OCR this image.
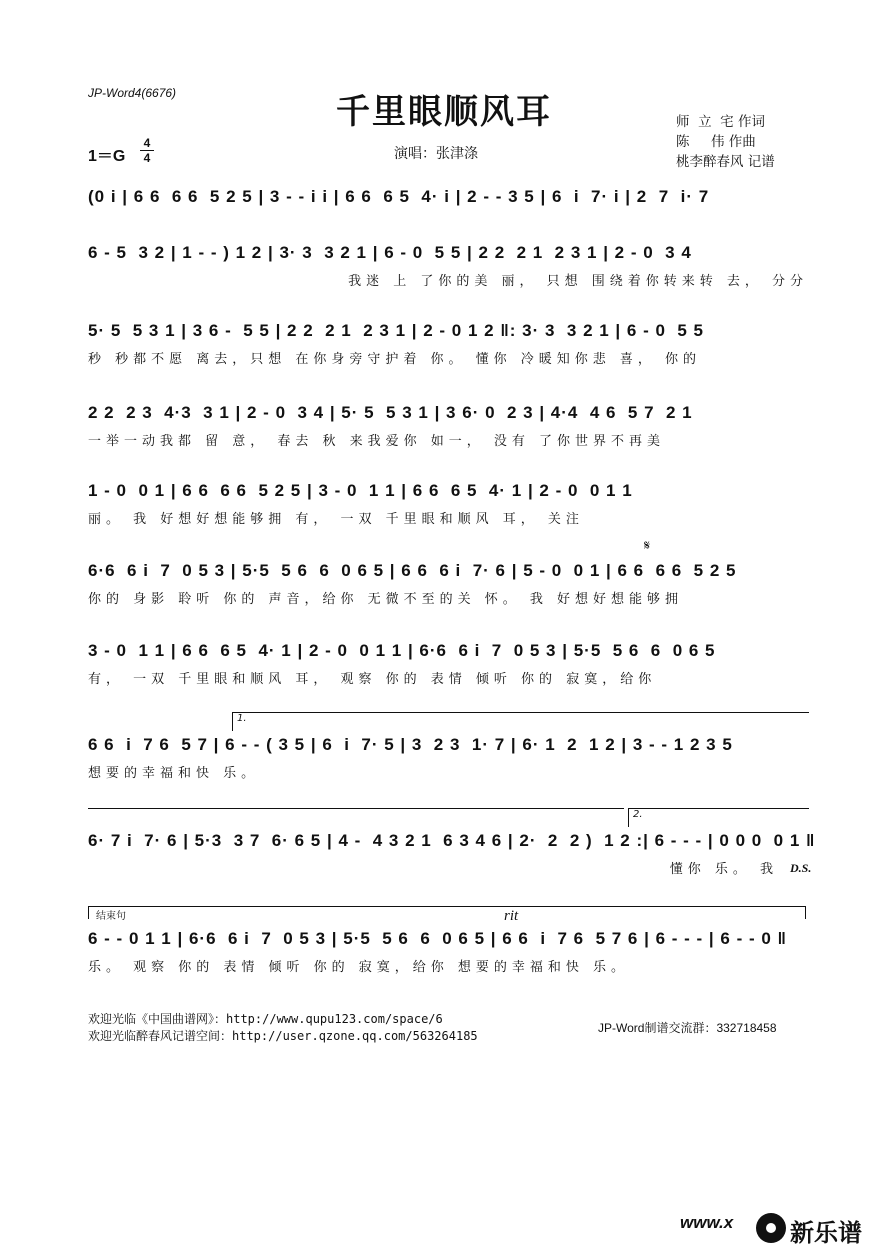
JP-Word4(6676)	千里眼顺风耳
1＝G
4
4	演唱：张津涤
师  立  宅 作词
陈     伟 作曲
桃李醉春风 记谱
(0 i | 6 6  6 6  5 2 5 | 3 - - i i | 6 6  6 5  4· i | 2 - - 3 5 | 6  i  7· i | 2  7  i· 7
6 - 5  3 2 | 1 - - ) 1 2 | 3· 3  3 2 1 | 6 - 0  5 5 | 2 2  2 1  2 3 1 | 2 - 0  3 4
我迷 上 了你的美 丽， 只想 围绕着你转来转 去， 分分
5· 5  5 3 1 | 3 6 -  5 5 | 2 2  2 1  2 3 1 | 2 - 0 1 2 ‖: 3· 3  3 2 1 | 6 - 0  5 5
秒 秒都不愿 离去，只想 在你身旁守护着 你。 懂你 冷暖知你悲 喜， 你的
2 2  2 3  4·3  3 1 | 2 - 0  3 4 | 5· 5  5 3 1 | 3 6· 0  2 3 | 4·4  4 6  5 7  2 1
一举一动我都 留 意， 春去 秋 来我爱你 如一， 没有 了你世界不再美
1 - 0  0 1 | 6 6  6 6  5 2 5 | 3 - 0  1 1 | 6 6  6 5  4· 1 | 2 - 0  0 1 1
丽。 我 好想好想能够拥 有， 一双 千里眼和顺风 耳， 关注
𝄋
6·6  6 i  7  0 5 3 | 5·5  5 6  6  0 6 5 | 6 6  6 i  7· 6 | 5 - 0  0 1 | 6 6  6 6  5 2 5
你的 身影 聆听 你的 声音，给你 无微不至的关 怀。 我 好想好想能够拥
3 - 0  1 1 | 6 6  6 5  4· 1 | 2 - 0  0 1 1 | 6·6  6 i  7  0 5 3 | 5·5  5 6  6  0 6 5
有， 一双 千里眼和顺风 耳， 观察 你的 表情 倾听 你的 寂寞，给你
1.
6 6  i  7 6  5 7 | 6 - - ( 3 5 | 6  i  7· 5 | 3  2 3  1· 7 | 6· 1  2  1 2 | 3 - - 1 2 3 5
想要的幸福和快 乐。
2.
6· 7 i  7· 6 | 5·3  3 7  6· 6 5 | 4 -  4 3 2 1  6 3 4 6 | 2·  2  2 )  1 2 :| 6 - - - | 0 0 0  0 1 ‖
懂你 乐。 我 D.S.
结束句	rit
6 - - 0 1 1 | 6·6  6 i  7  0 5 3 | 5·5  5 6  6  0 6 5 | 6 6  i  7 6  5 7 6 | 6 - - - | 6 - - 0 ‖
乐。 观察 你的 表情 倾听 你的 寂寞，给你 想要的幸福和快 乐。
欢迎光临《中国曲谱网》：http://www.qupu123.com/space/6
欢迎光临醉春风记谱空间：http://user.qzone.qq.com/563264185
JP-Word制谱交流群：332718458
www.x 新乐谱
